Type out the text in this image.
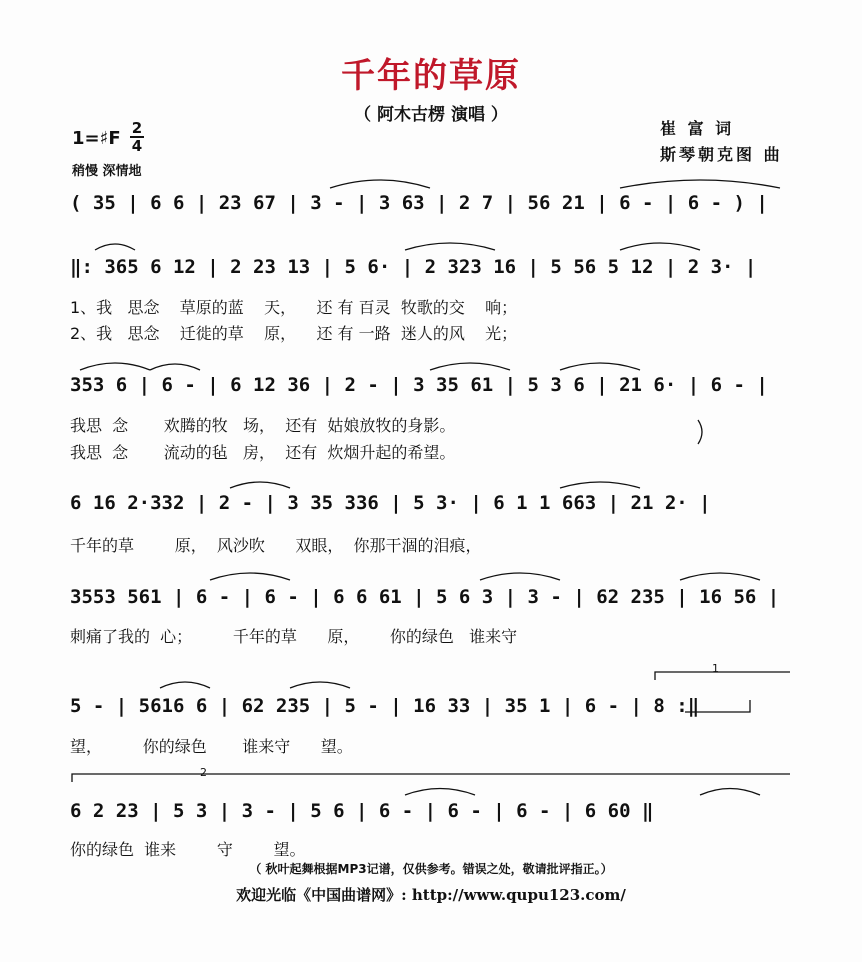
千年的草原
（ 阿木古楞 演唱 ）
崔 富 词
斯琴朝克图 曲
1=♯F 2
4
稍慢 深情地
( 35 | 6 6 | 23 67 | 3 - | 3 63 | 2 7 | 56 21 | 6 - | 6 - ) |
‖: 365 6 12 | 2 23 13 | 5 6· | 2 323 16 | 5 56 5 12 | 2 3· |
1、我   思念    草原的蓝    天，    还 有 百灵  牧歌的交    响；
2、我   思念    迁徙的草    原，    还 有 一路  迷人的风    光；
353 6 | 6 - | 6 12 36 | 2 - | 3 35 61 | 5 3 6 | 21 6· | 6 - |
我思  念       欢腾的牧   场，  还有  姑娘放牧的身影。
我思  念       流动的毡   房，  还有  炊烟升起的希望。
6 16 2·332 | 2 - | 3 35 336 | 5 3· | 6 1 1 663 | 21 2· |
千年的草        原，  风沙吹      双眼，  你那干涸的泪痕，
3553 561 | 6 - | 6 - | 6 6 61 | 5 6 3 | 3 - | 62 235 | 16 56 |
刺痛了我的  心；        千年的草      原，      你的绿色   谁来守
5 - | 5616 6 | 62 235 | 5 - | 16 33 | 35 1 | 6 - | 8 :‖
望，        你的绿色       谁来守      望。
1
2
6 2 23 | 5 3 | 3 - | 5 6 | 6 - | 6 - | 6 - | 6 60 ‖
你的绿色  谁来        守        望。
（ 秋叶起舞根据MP3记谱，仅供参考。错误之处，敬请批评指正。）
欢迎光临《中国曲谱网》: http://www.qupu123.com/
